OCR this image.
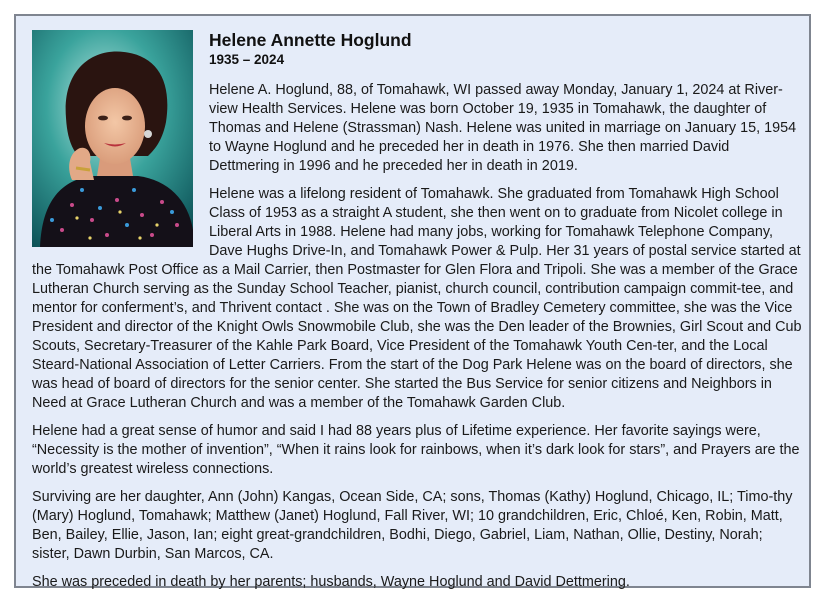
Helene Annette Hoglund
1935 – 2024

Helene A. Hoglund, 88, of Tomahawk, WI passed away Monday, January 1, 2024 at River-view Health Services. Helene was born October 19, 1935 in Tomahawk, the daughter of Thomas and Helene (Strassman) Nash. Helene was united in marriage on January 15, 1954 to Wayne Hoglund and he preceded her in death in 1976. She then married David Dettmering in 1996 and he preceded her in death in 2019.

Helene was a lifelong resident of Tomahawk. She graduated from Tomahawk High School Class of 1953 as a straight A student, she then went on to graduate from Nicolet college in Liberal Arts in 1988. Helene had many jobs, working for Tomahawk Telephone Company, Dave Hughs Drive-In, and Tomahawk Power & Pulp. Her 31 years of postal service started at the Tomahawk Post Office as a Mail Carrier, then Postmaster for Glen Flora and Tripoli. She was a member of the Grace Lutheran Church serving as the Sunday School Teacher, pianist, church council, contribution campaign commit-tee, and mentor for conferment’s, and Thrivent contact . She was on the Town of Bradley Cemetery committee, she was the Vice President and director of the Knight Owls Snowmobile Club, she was the Den leader of the Brownies, Girl Scout and Cub Scouts, Secretary-Treasurer of the Kahle Park Board, Vice President of the Tomahawk Youth Cen-ter, and the Local Steard-National Association of Letter Carriers. From the start of the Dog Park Helene was on the board of directors, she was head of board of directors for the senior center. She started the Bus Service for senior citizens and Neighbors in Need at Grace Lutheran Church and was a member of the Tomahawk Garden Club.

Helene had a great sense of humor and said I had 88 years plus of Lifetime experience. Her favorite sayings were, “Necessity is the mother of invention”, “When it rains look for rainbows, when it’s dark look for stars”, and Prayers are the world’s greatest wireless connections.

Surviving are her daughter, Ann (John) Kangas, Ocean Side, CA; sons, Thomas (Kathy) Hoglund, Chicago, IL; Timo-thy (Mary) Hoglund, Tomahawk; Matthew (Janet) Hoglund, Fall River, WI; 10 grandchildren, Eric, Chloé, Ken, Robin, Matt, Ben, Bailey, Ellie, Jason, Ian; eight great-grandchildren, Bodhi, Diego, Gabriel, Liam, Nathan, Ollie, Destiny, Norah; sister, Dawn Durbin, San Marcos, CA.

She was preceded in death by her parents; husbands, Wayne Hoglund and David Dettmering.
